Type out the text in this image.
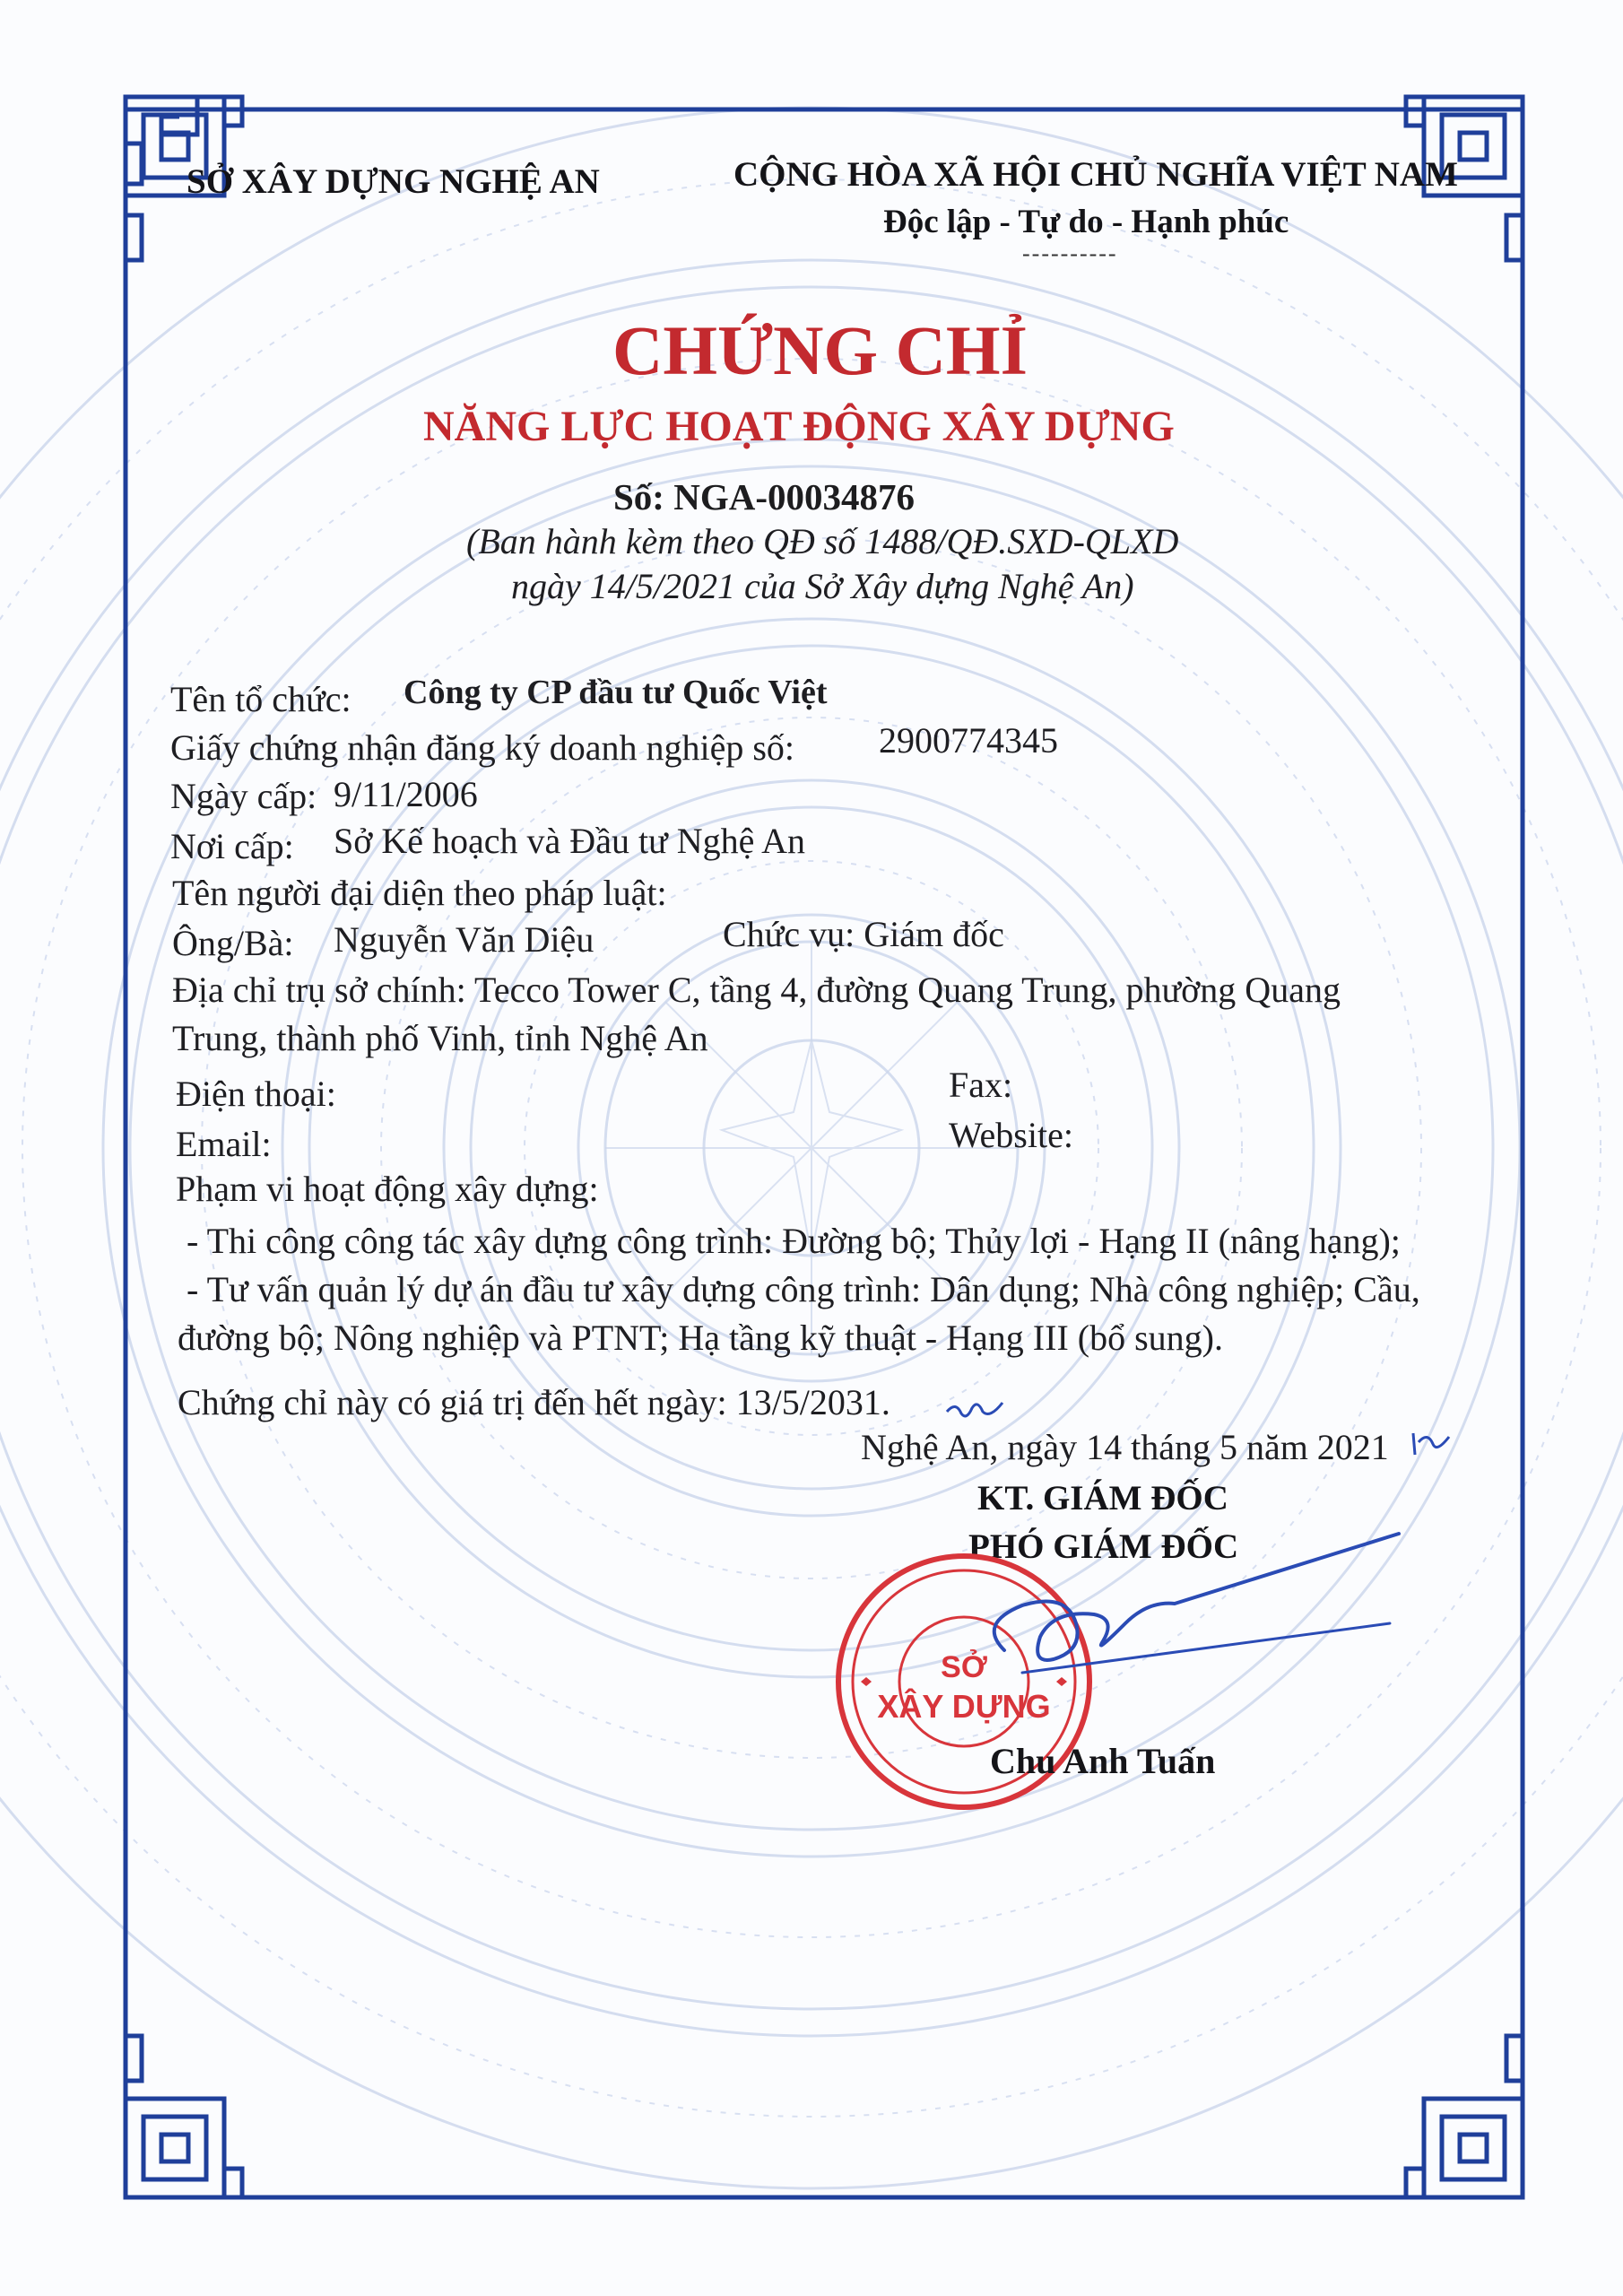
SỞ XÂY DỰNG NGHỆ AN	CỘNG HÒA XÃ HỘI CHỦ NGHĨA VIỆT NAM
Độc lập - Tự do - Hạnh phúc
----------
CHỨNG CHỈ
NĂNG LỰC HOẠT ĐỘNG XÂY DỰNG
Số: NGA-00034876
(Ban hành kèm theo QĐ số 1488/QĐ.SXD-QLXD
ngày 14/5/2021 của Sở Xây dựng Nghệ An)
Tên tổ chức: Công ty CP đầu tư Quốc Việt
Giấy chứng nhận đăng ký doanh nghiệp số: 2900774345
Ngày cấp: 9/11/2006
Nơi cấp: Sở Kế hoạch và Đầu tư Nghệ An
Tên người đại diện theo pháp luật:
Ông/Bà: Nguyễn Văn Diệu	Chức vụ: Giám đốc
Địa chỉ trụ sở chính: Tecco Tower C, tầng 4, đường Quang Trung, phường Quang
Trung, thành phố Vinh, tỉnh Nghệ An
Điện thoại:	Fax:
Email:	Website:
Phạm vi hoạt động xây dựng:
- Thi công công tác xây dựng công trình: Đường bộ; Thủy lợi - Hạng II (nâng hạng);
- Tư vấn quản lý dự án đầu tư xây dựng công trình: Dân dụng; Nhà công nghiệp; Cầu,
đường bộ; Nông nghiệp và PTNT; Hạ tầng kỹ thuật - Hạng III (bổ sung).
Chứng chỉ này có giá trị đến hết ngày: 13/5/2031.
Nghệ An, ngày 14 tháng 5 năm 2021
KT. GIÁM ĐỐC
PHÓ GIÁM ĐỐC
SỞ
XÂY DỰNG
Chu Anh Tuấn
